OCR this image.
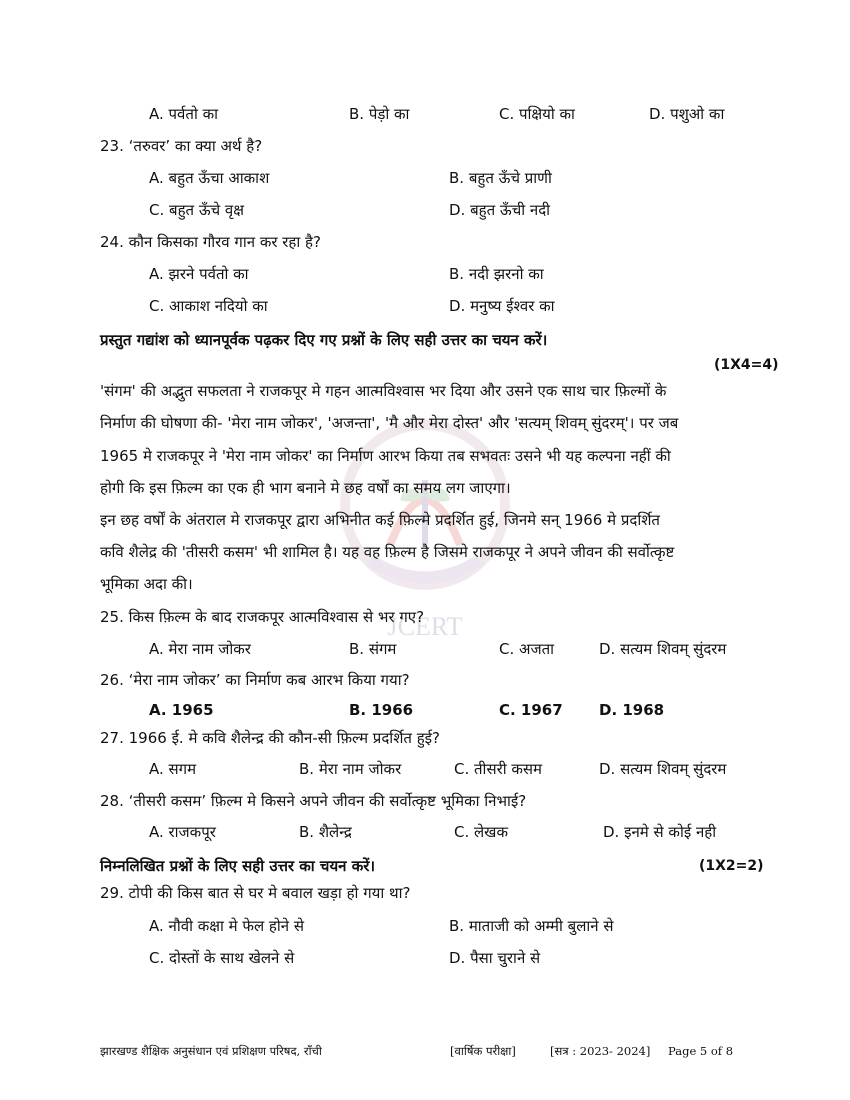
JCERT
A. पर्वतो का	B. पेड़ो का	C. पक्षियो का	D. पशुओ का
23. ‘तरुवर’ का क्या अर्थ है?
A. बहुत ऊँचा आकाश	B. बहुत ऊँचे प्राणी
C. बहुत ऊँचे वृक्ष	D. बहुत ऊँची नदी
24. कौन किसका गौरव गान कर रहा है?
A. झरने पर्वतो का	B. नदी झरनो का
C. आकाश नदियो का	D. मनुष्य ईश्वर का
प्रस्तुत गद्यांश को ध्यानपूर्वक पढ़कर दिए गए प्रश्नों के लिए सही उत्तर का चयन करें।
(1X4=4)
'संगम' की अद्भुत सफलता ने राजकपूर मे गहन आत्मविश्वास भर दिया और उसने एक साथ चार फ़िल्मों के
निर्माण की घोषणा की- 'मेरा नाम जोकर', 'अजन्ता', 'मै और मेरा दोस्त' और 'सत्यम् शिवम् सुंदरम्'। पर जब
1965 मे राजकपूर ने 'मेरा नाम जोकर' का निर्माण आरभ किया तब सभवतः उसने भी यह कल्पना नहीं की
होगी कि इस फ़िल्म का एक ही भाग बनाने मे छह वर्षों का समय लग जाएगा।
इन छह वर्षों के अंतराल मे राजकपूर द्वारा अभिनीत कई फ़िल्मे प्रदर्शित हुई, जिनमे सन् 1966 मे प्रदर्शित
कवि शैलेद्र की 'तीसरी कसम' भी शामिल है। यह वह फ़िल्म है जिसमे राजकपूर ने अपने जीवन की सर्वोत्कृष्ट
भूमिका अदा की।
25. किस फ़िल्म के बाद राजकपूर आत्मविश्वास से भर गए?
A. मेरा नाम जोकर	B. संगम	C. अजता	D. सत्यम शिवम् सुंदरम
26. ‘मेरा नाम जोकर’ का निर्माण कब आरभ किया गया?
A. 1965	B. 1966	C. 1967 D. 1968
27. 1966 ई. मे कवि शैलेन्द्र की कौन-सी फ़िल्म प्रदर्शित हुई?
A. सगम	B. मेरा नाम जोकर	C. तीसरी कसम	D. सत्यम शिवम् सुंदरम
28. ‘तीसरी कसम’ फ़िल्म मे किसने अपने जीवन की सर्वोत्कृष्ट भूमिका निभाई?
A. राजकपूर	B. शैलेन्द्र	C. लेखक	D. इनमे से कोई नही
निम्नलिखित प्रश्नों के लिए सही उत्तर का चयन करें।	(1X2=2)
29. टोपी की किस बात से घर मे बवाल खड़ा हो गया था?
A. नौवी कक्षा मे फेल होने से	B. माताजी को अम्मी बुलाने से
C. दोस्तों के साथ खेलने से	D. पैसा चुराने से
झारखण्ड शैक्षिक अनुसंधान एवं प्रशिक्षण परिषद, राँची	[वार्षिक परीक्षा]	[सत्र : 2023- 2024] Page 5 of 8
